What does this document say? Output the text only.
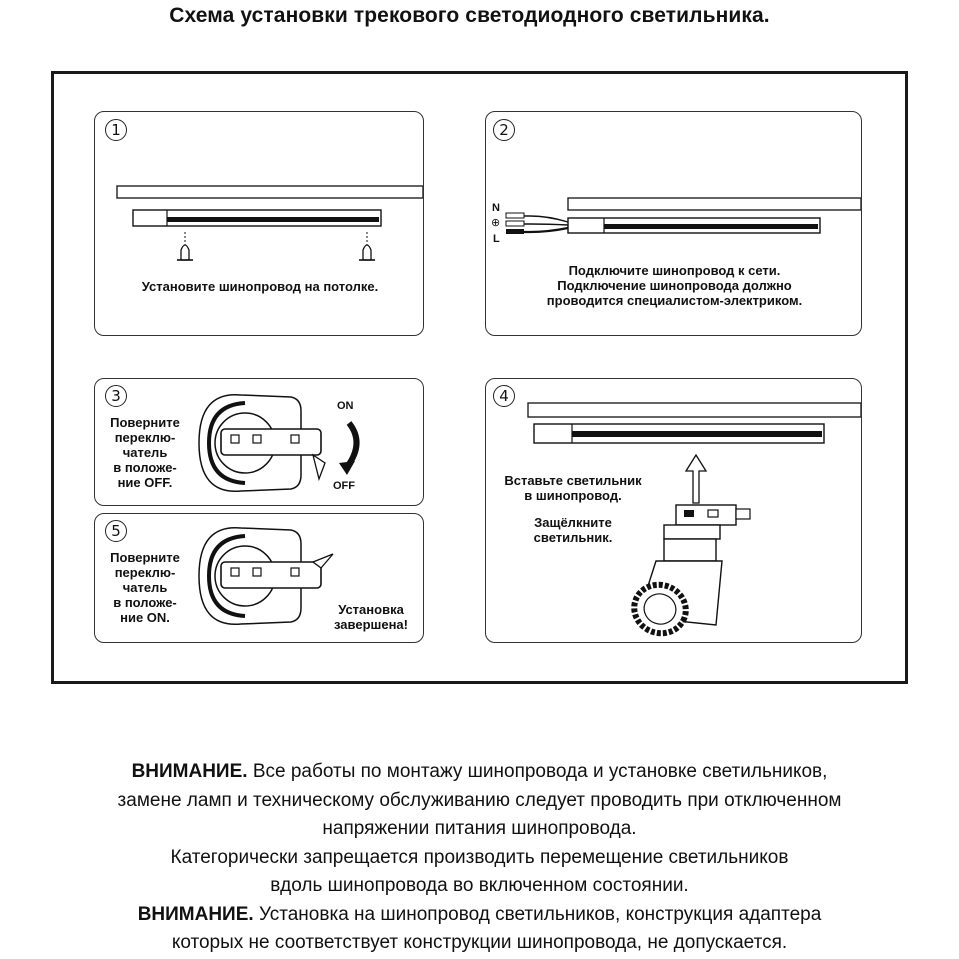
Схема установки трекового светодиодного светильника.
1
Установите шинопровод на потолке.
2
N
⊕
L
Подключите шинопровод к сети.
Подключение шинопровода должно
проводится специалистом-электриком.
3
Поверните
переклю-
чатель
в положе-
ние OFF.
ON
OFF
5
Поверните
переклю-
чатель
в положе-
ние ON.
Установка
завершена!
4
Вставьте светильник
в шинопровод.
Защёлкните
светильник.
ВНИМАНИЕ. Все работы по монтажу шинопровода и установке светильников,
замене ламп и техническому обслуживанию следует проводить при отключенном
напряжении питания шинопровода.
Категорически запрещается производить перемещение светильников
вдоль шинопровода во включенном состоянии.
ВНИМАНИЕ. Установка на шинопровод светильников, конструкция адаптера
которых не соответствует конструкции шинопровода, не допускается.
